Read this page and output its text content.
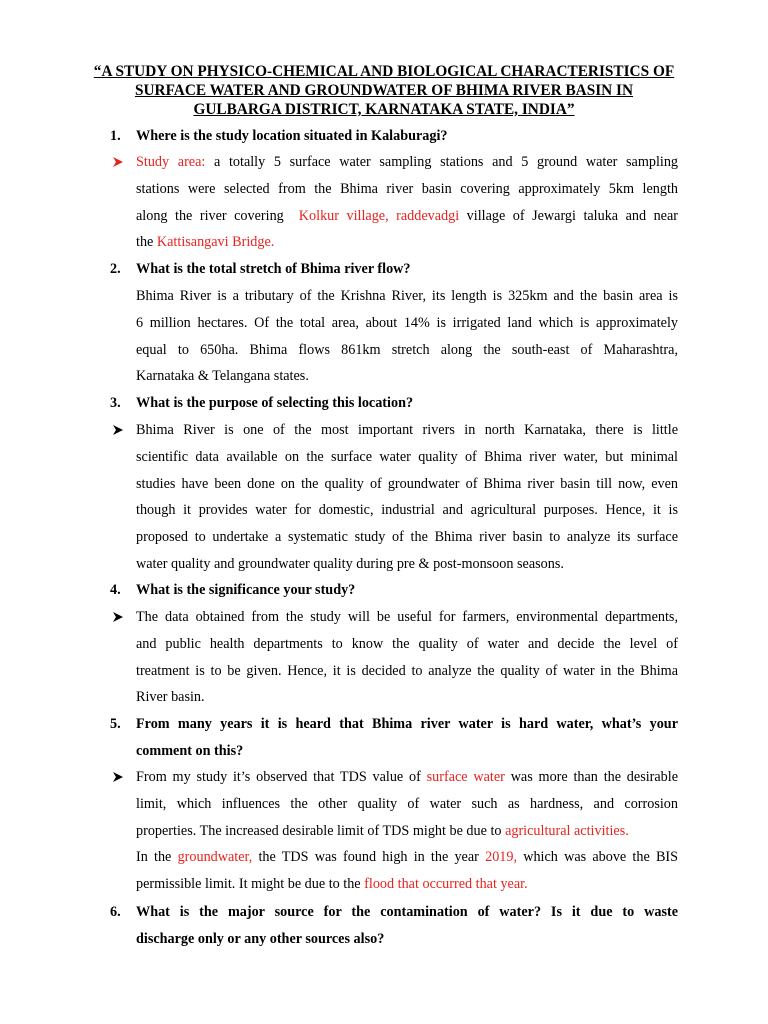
“A STUDY ON PHYSICO-CHEMICAL AND BIOLOGICAL CHARACTERISTICS OF
SURFACE WATER AND GROUNDWATER OF BHIMA RIVER BASIN IN
GULBARGA DISTRICT, KARNATAKA STATE, INDIA”
1.	Where is the study location situated in Kalaburagi?
Study area: a totally 5 surface water sampling stations and 5 ground water sampling
stations were selected from the Bhima river basin covering approximately 5km length
along the river covering Kolkur village, raddevadgi village of Jewargi taluka and near
the Kattisangavi Bridge.
2.	What is the total stretch of Bhima river flow?
Bhima River is a tributary of the Krishna River, its length is 325km and the basin area is
6 million hectares. Of the total area, about 14% is irrigated land which is approximately
equal to 650ha. Bhima flows 861km stretch along the south-east of Maharashtra,
Karnataka & Telangana states.
3.	What is the purpose of selecting this location?
Bhima River is one of the most important rivers in north Karnataka, there is little
scientific data available on the surface water quality of Bhima river water, but minimal
studies have been done on the quality of groundwater of Bhima river basin till now, even
though it provides water for domestic, industrial and agricultural purposes. Hence, it is
proposed to undertake a systematic study of the Bhima river basin to analyze its surface
water quality and groundwater quality during pre & post-monsoon seasons.
4.	What is the significance your study?
The data obtained from the study will be useful for farmers, environmental departments,
and public health departments to know the quality of water and decide the level of
treatment is to be given. Hence, it is decided to analyze the quality of water in the Bhima
River basin.
5.	From many years it is heard that Bhima river water is hard water, what’s your
comment on this?
From my study it’s observed that TDS value of surface water was more than the desirable
limit, which influences the other quality of water such as hardness, and corrosion
properties. The increased desirable limit of TDS might be due to agricultural activities.
In the groundwater, the TDS was found high in the year 2019, which was above the BIS
permissible limit. It might be due to the flood that occurred that year.
6.	What is the major source for the contamination of water? Is it due to waste
discharge only or any other sources also?
